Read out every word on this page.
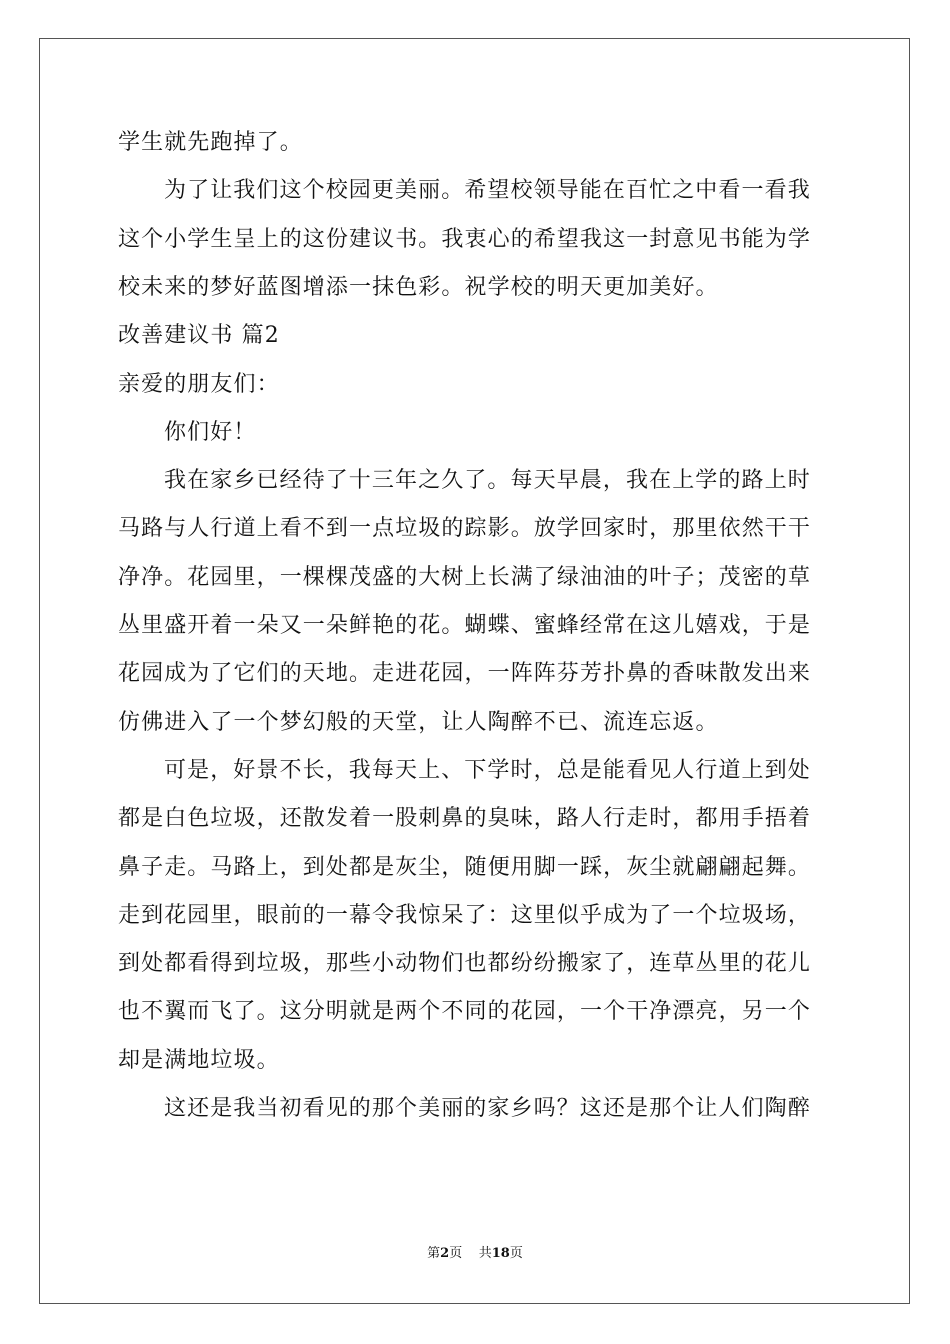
学生就先跑掉了。
为了让我们这个校园更美丽。希望校领导能在百忙之中看一看我
这个小学生呈上的这份建议书。我衷心的希望我这一封意见书能为学
校未来的梦好蓝图增添一抹色彩。祝学校的明天更加美好。
改善建议书 篇2
亲爱的朋友们：
你们好！
我在家乡已经待了十三年之久了。每天早晨，我在上学的路上时
马路与人行道上看不到一点垃圾的踪影。放学回家时，那里依然干干
净净。花园里，一棵棵茂盛的大树上长满了绿油油的叶子；茂密的草
丛里盛开着一朵又一朵鲜艳的花。蝴蝶、蜜蜂经常在这儿嬉戏，于是
花园成为了它们的天地。走进花园，一阵阵芬芳扑鼻的香味散发出来
仿佛进入了一个梦幻般的天堂，让人陶醉不已、流连忘返。
可是，好景不长，我每天上、下学时，总是能看见人行道上到处
都是白色垃圾，还散发着一股刺鼻的臭味，路人行走时，都用手捂着
鼻子走。马路上，到处都是灰尘，随便用脚一踩，灰尘就翩翩起舞。
走到花园里，眼前的一幕令我惊呆了：这里似乎成为了一个垃圾场，
到处都看得到垃圾，那些小动物们也都纷纷搬家了，连草丛里的花儿
也不翼而飞了。这分明就是两个不同的花园，一个干净漂亮，另一个
却是满地垃圾。
这还是我当初看见的那个美丽的家乡吗？这还是那个让人们陶醉
第2页 共18页
